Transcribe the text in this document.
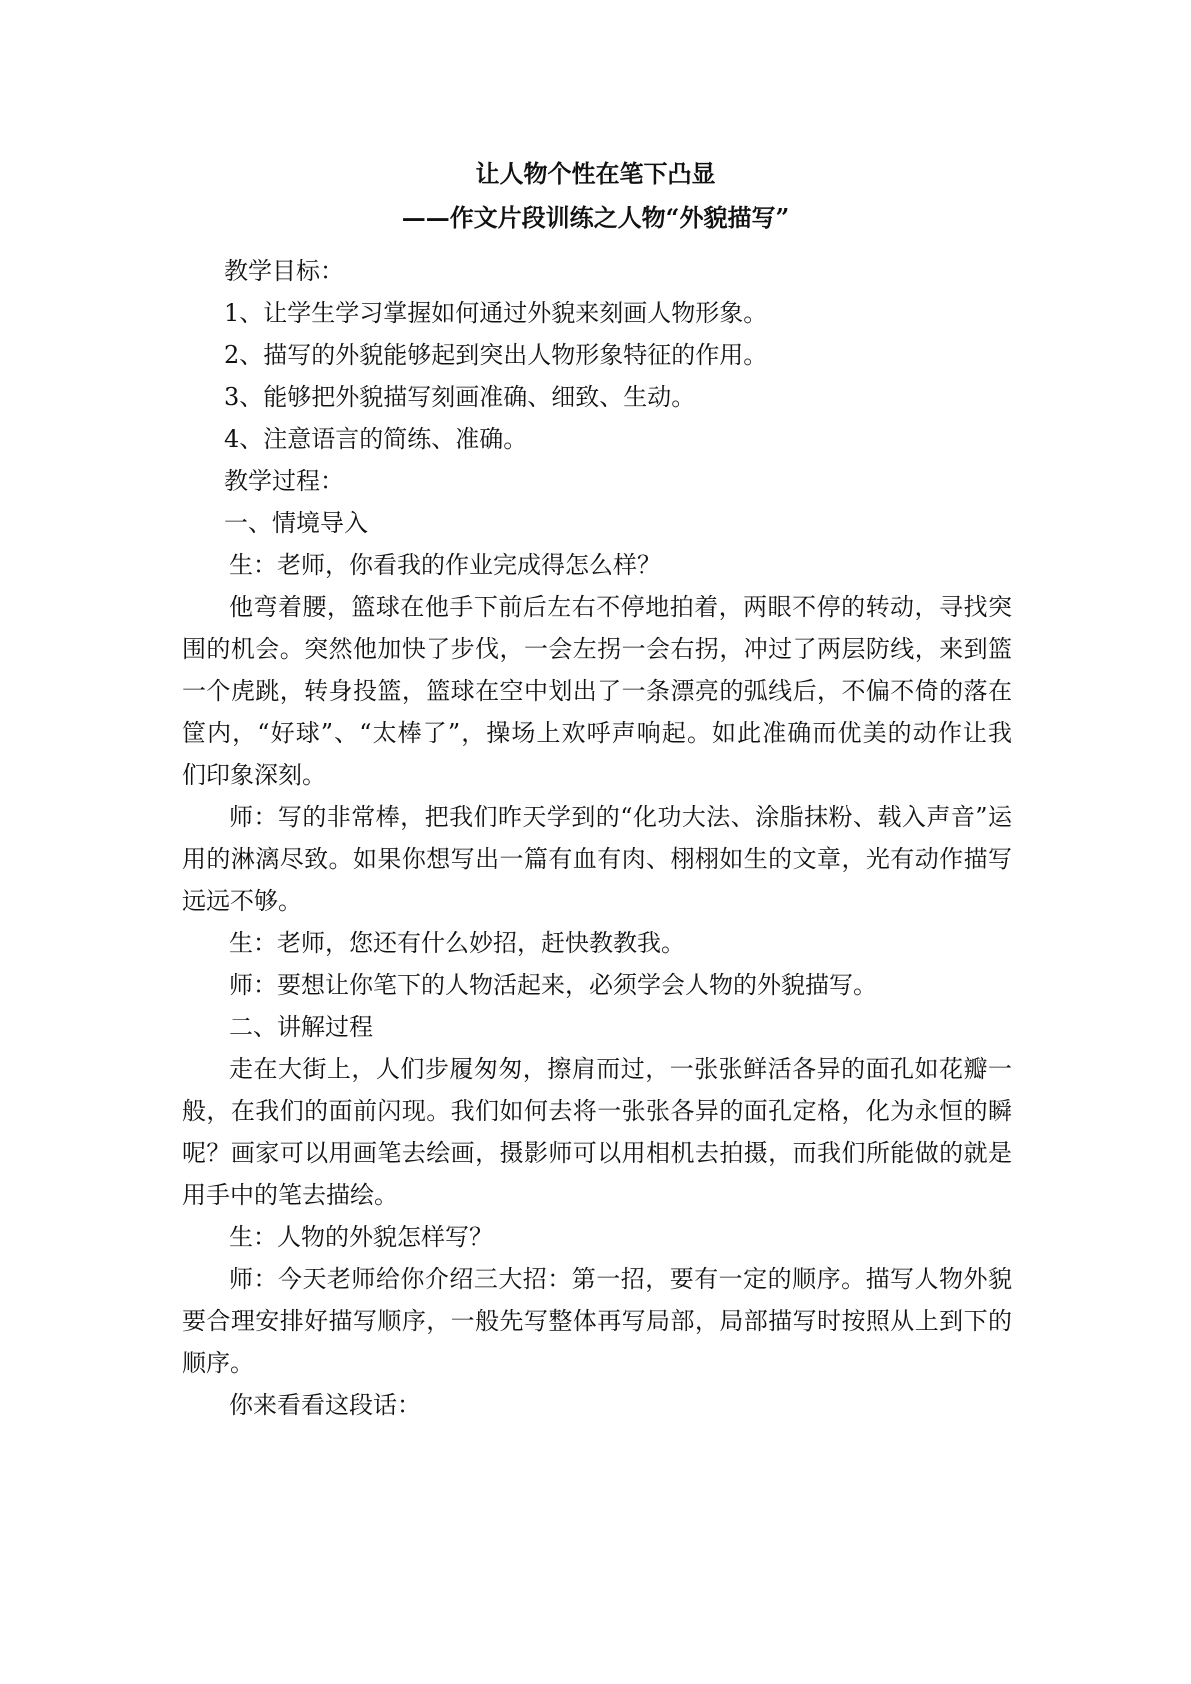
让人物个性在笔下凸显
——作文片段训练之人物“外貌描写”
教学目标：
1、让学生学习掌握如何通过外貌来刻画人物形象。
2、描写的外貌能够起到突出人物形象特征的作用。
3、能够把外貌描写刻画准确、细致、生动。
4、注意语言的简练、准确。
教学过程：
一、情境导入
生：老师，你看我的作业完成得怎么样？
他弯着腰，篮球在他手下前后左右不停地拍着，两眼不停的转动，寻找突
围的机会。突然他加快了步伐，一会左拐一会右拐，冲过了两层防线，来到篮
一个虎跳，转身投篮，篮球在空中划出了一条漂亮的弧线后，不偏不倚的落在
筐内，“好球”、“太棒了”，操场上欢呼声响起。如此准确而优美的动作让我
们印象深刻。
师：写的非常棒，把我们昨天学到的“化功大法、涂脂抹粉、载入声音”运
用的淋漓尽致。如果你想写出一篇有血有肉、栩栩如生的文章，光有动作描写
远远不够。
生：老师，您还有什么妙招，赶快教教我。
师：要想让你笔下的人物活起来，必须学会人物的外貌描写。
二、讲解过程
走在大街上，人们步履匆匆，擦肩而过，一张张鲜活各异的面孔如花瓣一
般，在我们的面前闪现。我们如何去将一张张各异的面孔定格，化为永恒的瞬
呢？画家可以用画笔去绘画，摄影师可以用相机去拍摄，而我们所能做的就是
用手中的笔去描绘。
生：人物的外貌怎样写？
师：今天老师给你介绍三大招：第一招，要有一定的顺序。描写人物外貌
要合理安排好描写顺序，一般先写整体再写局部，局部描写时按照从上到下的
顺序。
你来看看这段话：
